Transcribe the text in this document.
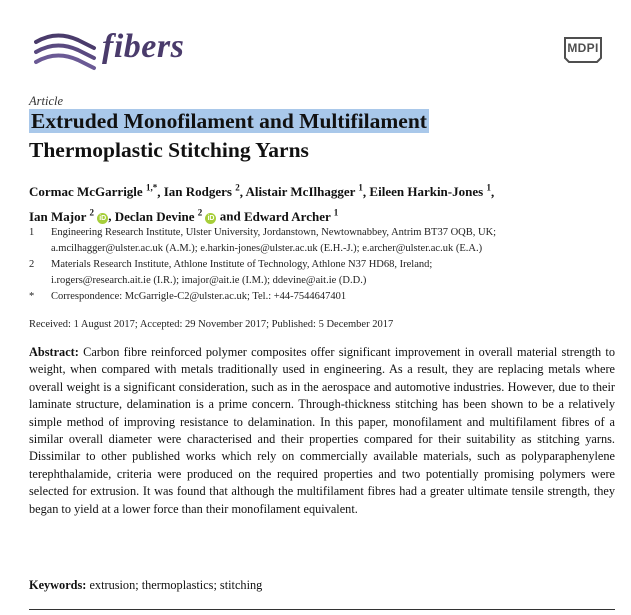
fibers	MDPI
Article
Extruded Monofilament and Multifilament
Thermoplastic Stitching Yarns
Cormac McGarrigle $^{1,*}$, Ian Rodgers $^2$, Alistair McIlhagger $^1$, Eileen Harkin-Jones $^1$,
Ian Major $^2$ iD , Declan Devine $^2$ iD and Edward Archer $^1$
1 Engineering Research Institute, Ulster University, Jordanstown, Newtownabbey, Antrim BT37 OQB, UK;
a.mcilhagger@ulster.ac.uk (A.M.); e.harkin-jones@ulster.ac.uk (E.H.-J.); e.archer@ulster.ac.uk (E.A.)
2 Materials Research Institute, Athlone Institute of Technology, Athlone N37 HD68, Ireland;
i.rogers@research.ait.ie (I.R.); imajor@ait.ie (I.M.); ddevine@ait.ie (D.D.)
* Correspondence: McGarrigle-C2@ulster.ac.uk; Tel.: +44-7544647401
Received: 1 August 2017; Accepted: 29 November 2017; Published: 5 December 2017
Abstract: Carbon fibre reinforced polymer composites offer significant improvement in overall material strength to weight, when compared with metals traditionally used in engineering. As a result, they are replacing metals where overall weight is a significant consideration, such as in the aerospace and automotive industries. However, due to their laminate structure, delamination is a prime concern. Through-thickness stitching has been shown to be a relatively simple method of improving resistance to delamination. In this paper, monofilament and multifilament fibres of a similar overall diameter were characterised and their properties compared for their suitability as stitching yarns. Dissimilar to other published works which rely on commercially available materials, such as polyparaphenylene terephthalamide, criteria were produced on the required properties and two potentially promising polymers were selected for extrusion. It was found that although the multifilament fibres had a greater ultimate tensile strength, they began to yield at a lower force than their monofilament equivalent.
Keywords: extrusion; thermoplastics; stitching
